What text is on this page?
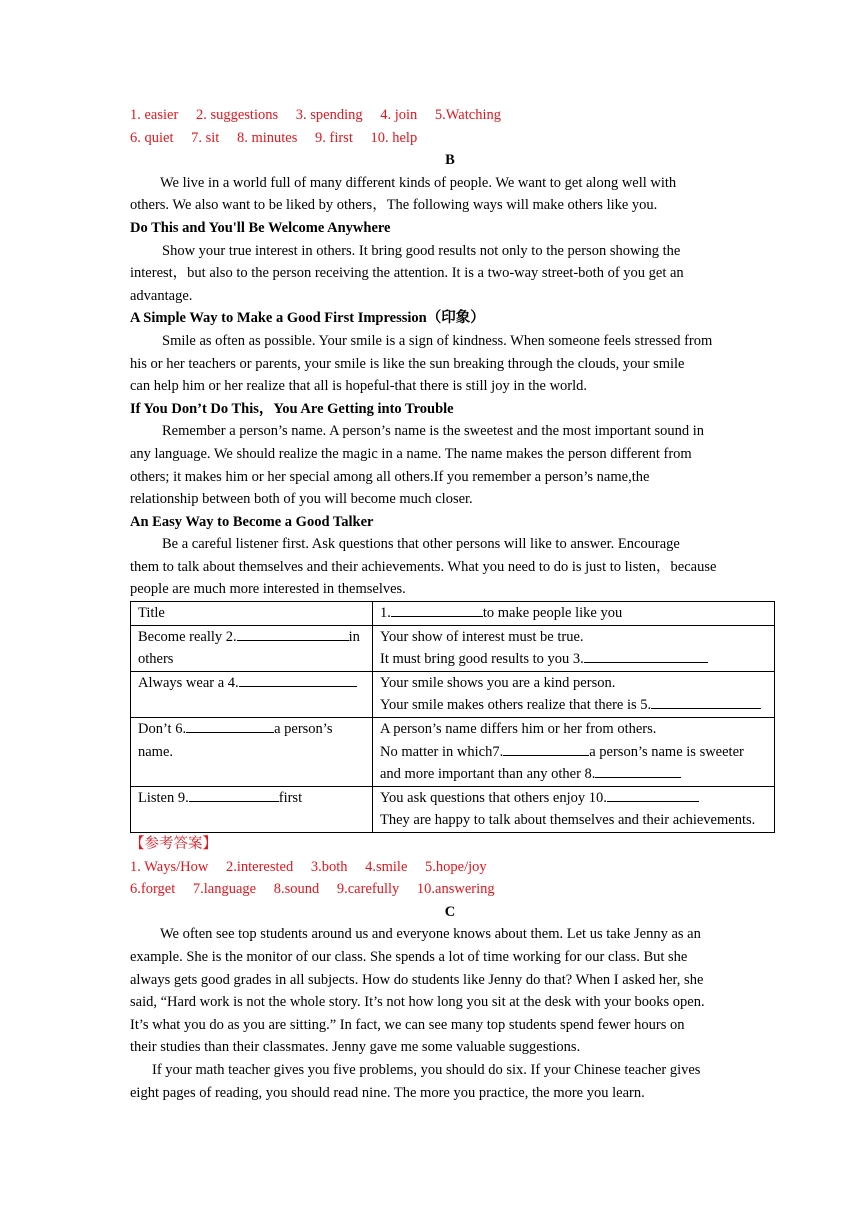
1. easier 2. suggestions 3. spending 4. join 5.Watching
6. quiet 7. sit 8. minutes 9. first 10. help
B
We live in a world full of many different kinds of people. We want to get along well with
others. We also want to be liked by others，The following ways will make others like you.
Do This and You'll Be Welcome Anywhere
Show your true interest in others. It bring good results not only to the person showing the
interest，but also to the person receiving the attention. It is a two-way street-both of you get an
advantage.
A Simple Way to Make a Good First Impression（印象）
Smile as often as possible. Your smile is a sign of kindness. When someone feels stressed from
his or her teachers or parents, your smile is like the sun breaking through the clouds, your smile
can help him or her realize that all is hopeful-that there is still joy in the world.
If You Don’t Do This，You Are Getting into Trouble
Remember a person’s name. A person’s name is the sweetest and the most important sound in
any language. We should realize the magic in a name. The name makes the person different from
others; it makes him or her special among all others.If you remember a person’s name,the
relationship between both of you will become much closer.
An Easy Way to Become a Good Talker
Be a careful listener first. Ask questions that other persons will like to answer. Encourage
them to talk about themselves and their achievements. What you need to do is just to listen，because
people are much more interested in themselves.
Title	1. to make people like you
Become really 2. in
others	Your show of interest must be true.
It must bring good results to you 3.
Always wear a 4.	Your smile shows you are a kind person.
Your smile makes others realize that there is 5.
Don’t 6. a person’s
name.	A person’s name differs him or her from others.
No matter in which7. a person’s name is sweeter
and more important than any other 8.
Listen 9. first	You ask questions that others enjoy 10.
They are happy to talk about themselves and their achievements.
【参考答案】
1. Ways/How 2.interested 3.both 4.smile 5.hope/joy
6.forget 7.language 8.sound 9.carefully 10.answering
C
We often see top students around us and everyone knows about them. Let us take Jenny as an
example. She is the monitor of our class. She spends a lot of time working for our class. But she
always gets good grades in all subjects. How do students like Jenny do that? When I asked her, she
said, “Hard work is not the whole story. It’s not how long you sit at the desk with your books open.
It’s what you do as you are sitting.” In fact, we can see many top students spend fewer hours on
their studies than their classmates. Jenny gave me some valuable suggestions.
If your math teacher gives you five problems, you should do six. If your Chinese teacher gives
eight pages of reading, you should read nine. The more you practice, the more you learn.
